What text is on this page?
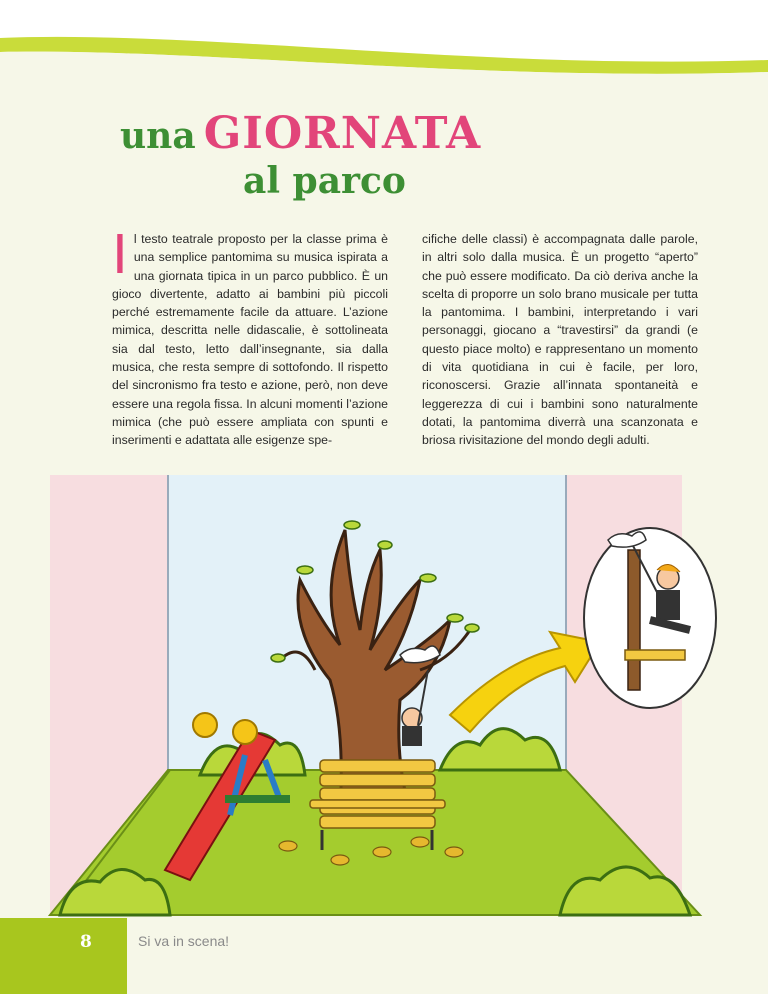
una GIORNATA
al parco
Il testo teatrale proposto per la classe prima è una semplice pantomima su musica ispirata a una giornata tipica in un parco pubblico. È un gioco divertente, adatto ai bambini più piccoli perché estremamente facile da attuare. L’azione mimica, descritta nelle didascalie, è sottolineata sia dal testo, letto dall’insegnante, sia dalla musica, che resta sempre di sottofondo. Il rispetto del sincronismo fra testo e azione, però, non deve essere una regola fissa. In alcuni momenti l’azione mimica (che può essere ampliata con spunti e inserimenti e adattata alle esigenze spe-
cifiche delle classi) è accompagnata dalle parole, in altri solo dalla musica. È un progetto “aperto” che può essere modificato. Da ciò deriva anche la scelta di proporre un solo brano musicale per tutta la pantomima. I bambini, interpretando i vari personaggi, giocano a “travestirsi” da grandi (e questo piace molto) e rappresentano un momento di vita quotidiana in cui è facile, per loro, riconoscersi. Grazie all’innata spontaneità e leggerezza di cui i bambini sono naturalmente dotati, la pantomima diverrà una scanzonata e briosa rivisitazione del mondo degli adulti.
8	Si va in scena!
